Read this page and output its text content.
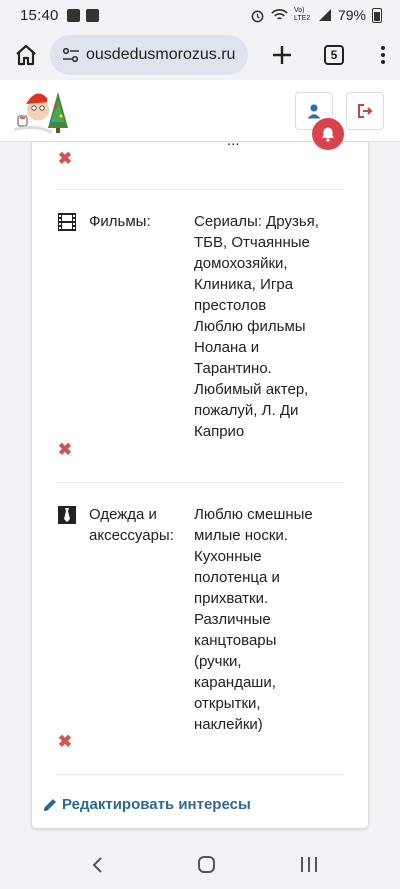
15:40	Vo) LTE2 79%
ousdedusmorozus.ru	5
...
✖
Фильмы:	Сериалы: Друзья,
ТБВ, Отчаянные
домохозяйки,
Клиника, Игра
престолов
Люблю фильмы
Нолана и
Тарантино.
Любимый актер,
пожалуй, Л. Ди
Каприо
✖
Одежда и
аксессуары:
Люблю смешные
милые носки.
Кухонные
полотенца и
прихватки.
Различные
канцтовары
(ручки,
карандаши,
открытки,
наклейки)
✖
Редактировать интересы
